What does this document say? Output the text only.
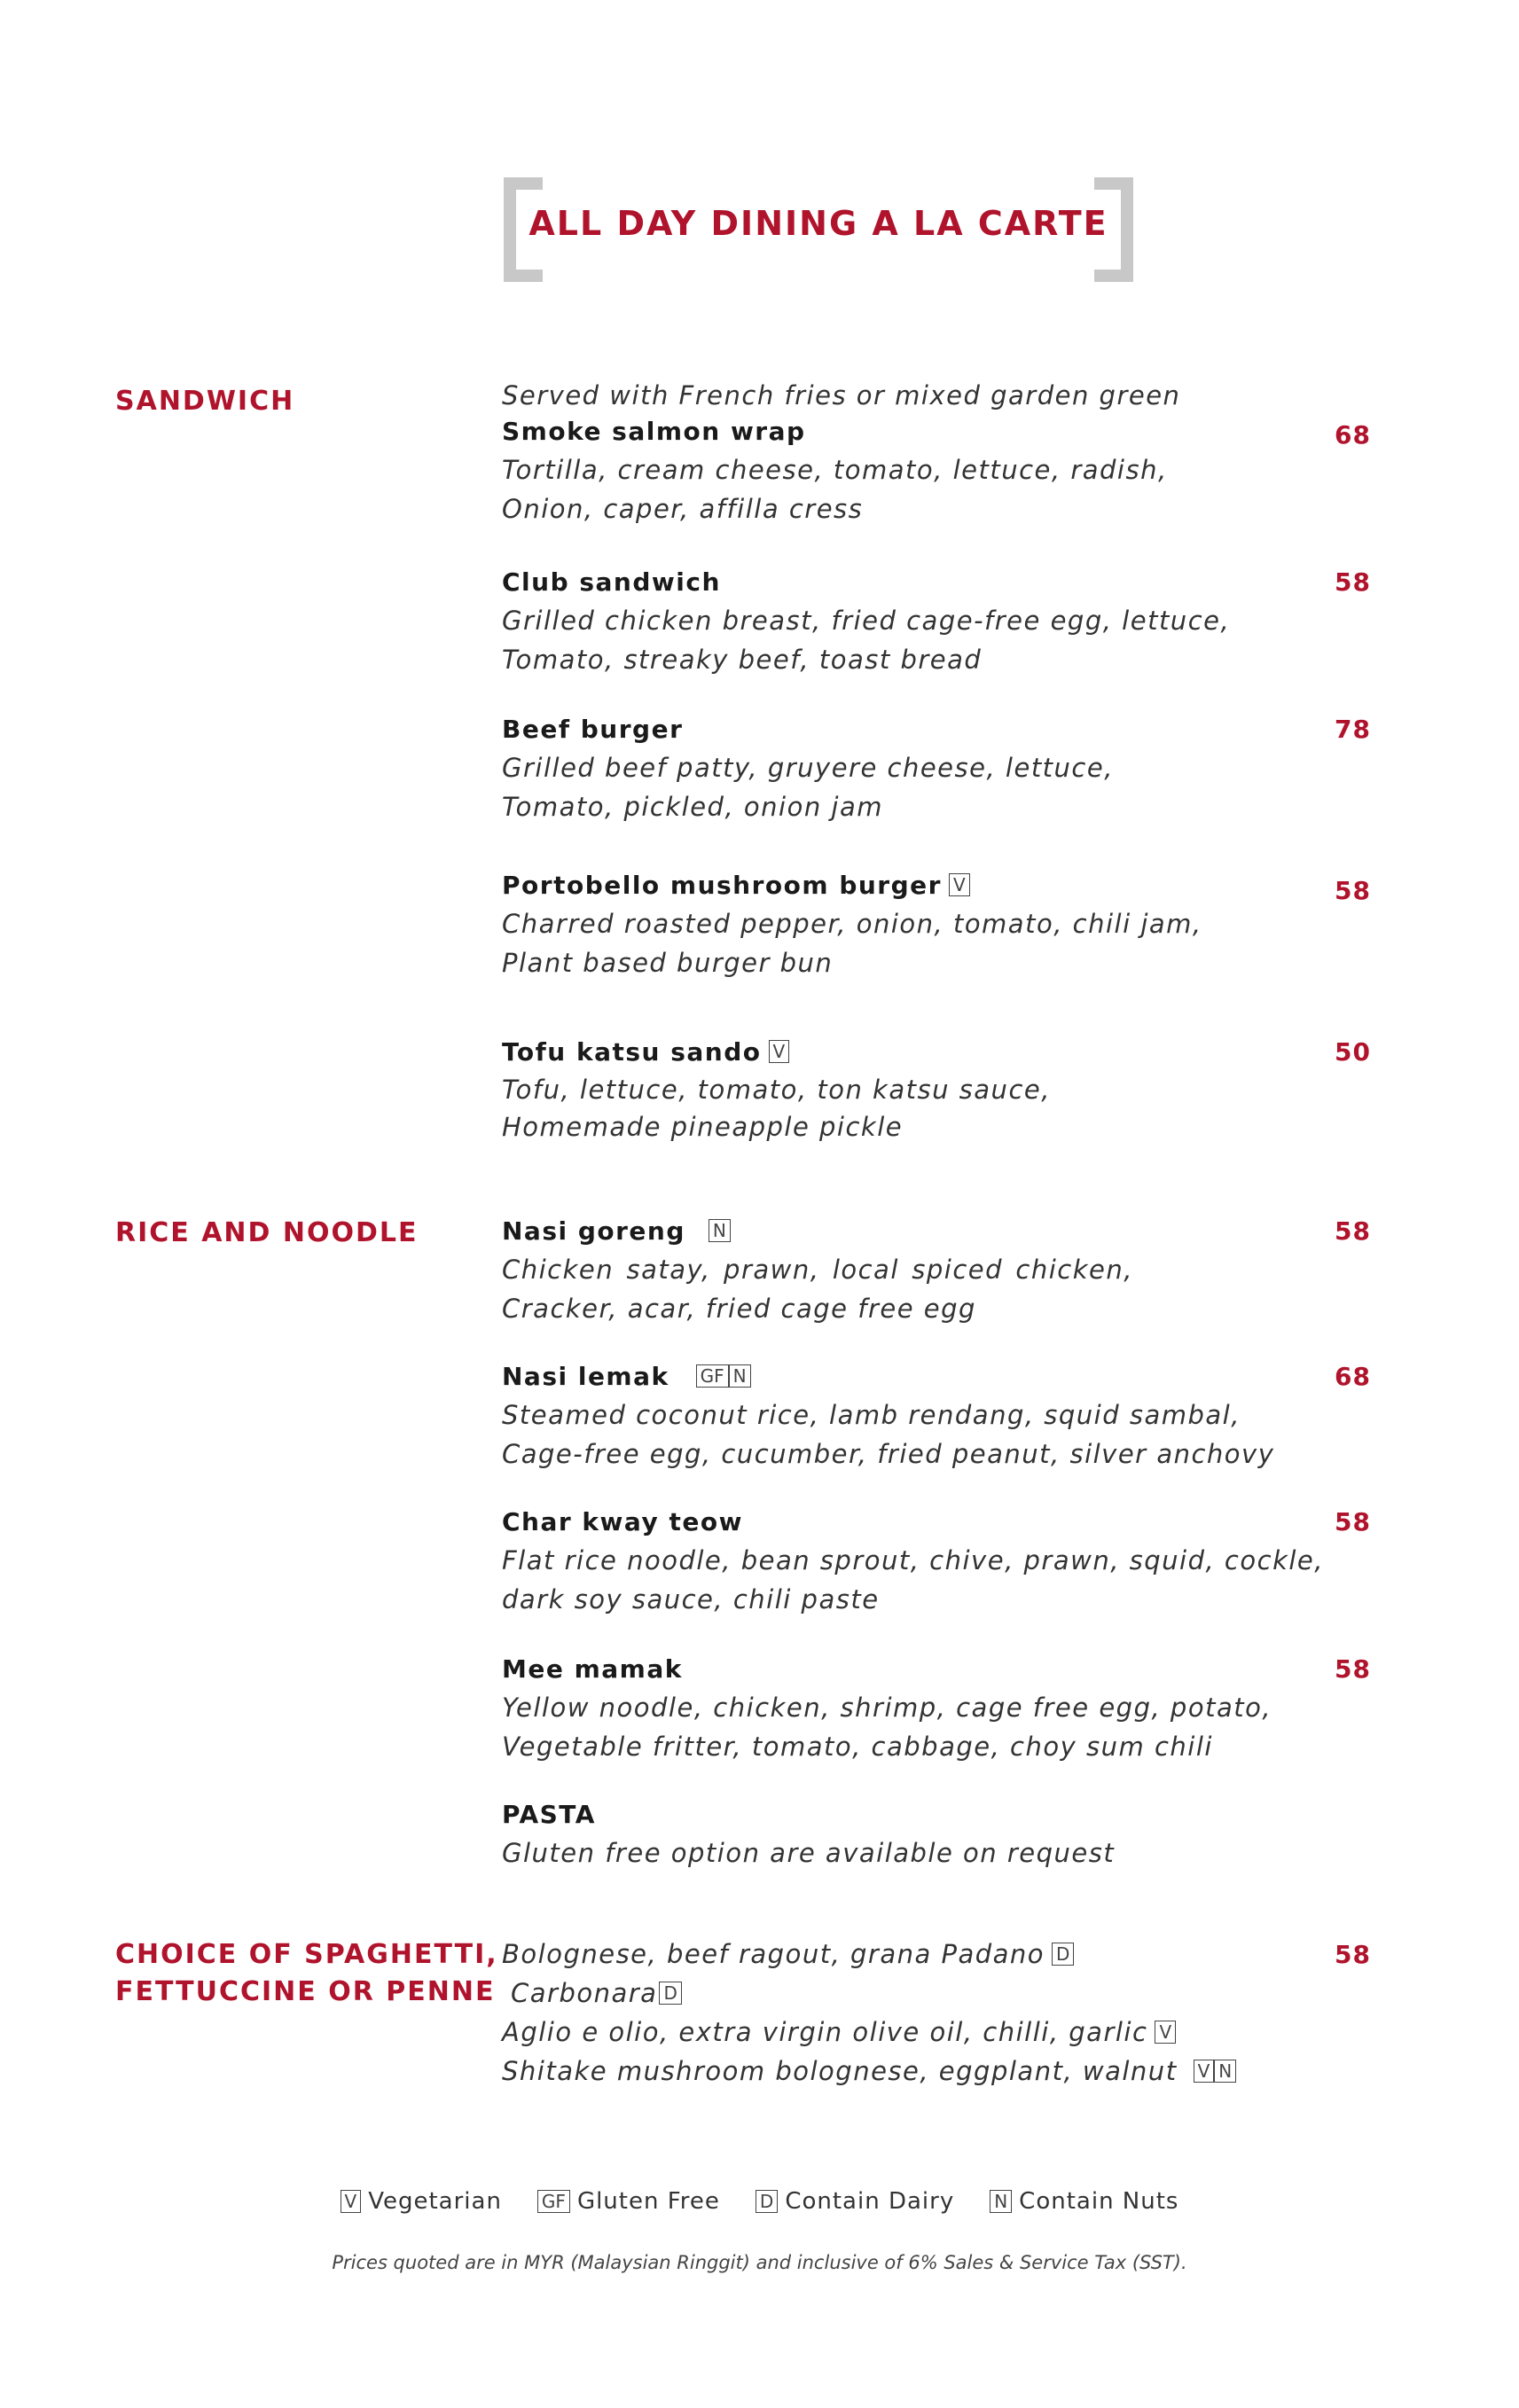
ALL DAY DINING A LA CARTE
SANDWICH	Served with French fries or mixed garden green
Smoke salmon wrap
Tortilla, cream cheese, tomato, lettuce, radish,
Onion, caper, affilla cress
68
Club sandwich
Grilled chicken breast, fried cage-free egg, lettuce,
Tomato, streaky beef, toast bread
58
Beef burger
Grilled beef patty, gruyere cheese, lettuce,
Tomato, pickled, onion jam
78
Portobello mushroom burger V
Charred roasted pepper, onion, tomato, chili jam,
Plant based burger bun
58
Tofu katsu sando V
Tofu, lettuce, tomato, ton katsu sauce,
Homemade pineapple pickle
50
RICE AND NOODLE	Nasi goreng N
Chicken satay, prawn, local spiced chicken,
Cracker, acar, fried cage free egg
58
Nasi lemak GF N
Steamed coconut rice, lamb rendang, squid sambal,
Cage-free egg, cucumber, fried peanut, silver anchovy
68
Char kway teow
Flat rice noodle, bean sprout, chive, prawn, squid, cockle,
dark soy sauce, chili paste
58
Mee mamak
Yellow noodle, chicken, shrimp, cage free egg, potato,
Vegetable fritter, tomato, cabbage, choy sum chili
58
PASTA
Gluten free option are available on request
CHOICE OF SPAGHETTI,
FETTUCCINE OR PENNE
Bolognese, beef ragout, grana Padano D
Carbonara D
Aglio e olio, extra virgin olive oil, chilli, garlic V
Shitake mushroom bolognese, eggplant, walnut V N
58
V Vegetarian GF Gluten Free D Contain Dairy N Contain Nuts
Prices quoted are in MYR (Malaysian Ringgit) and inclusive of 6% Sales & Service Tax (SST).
